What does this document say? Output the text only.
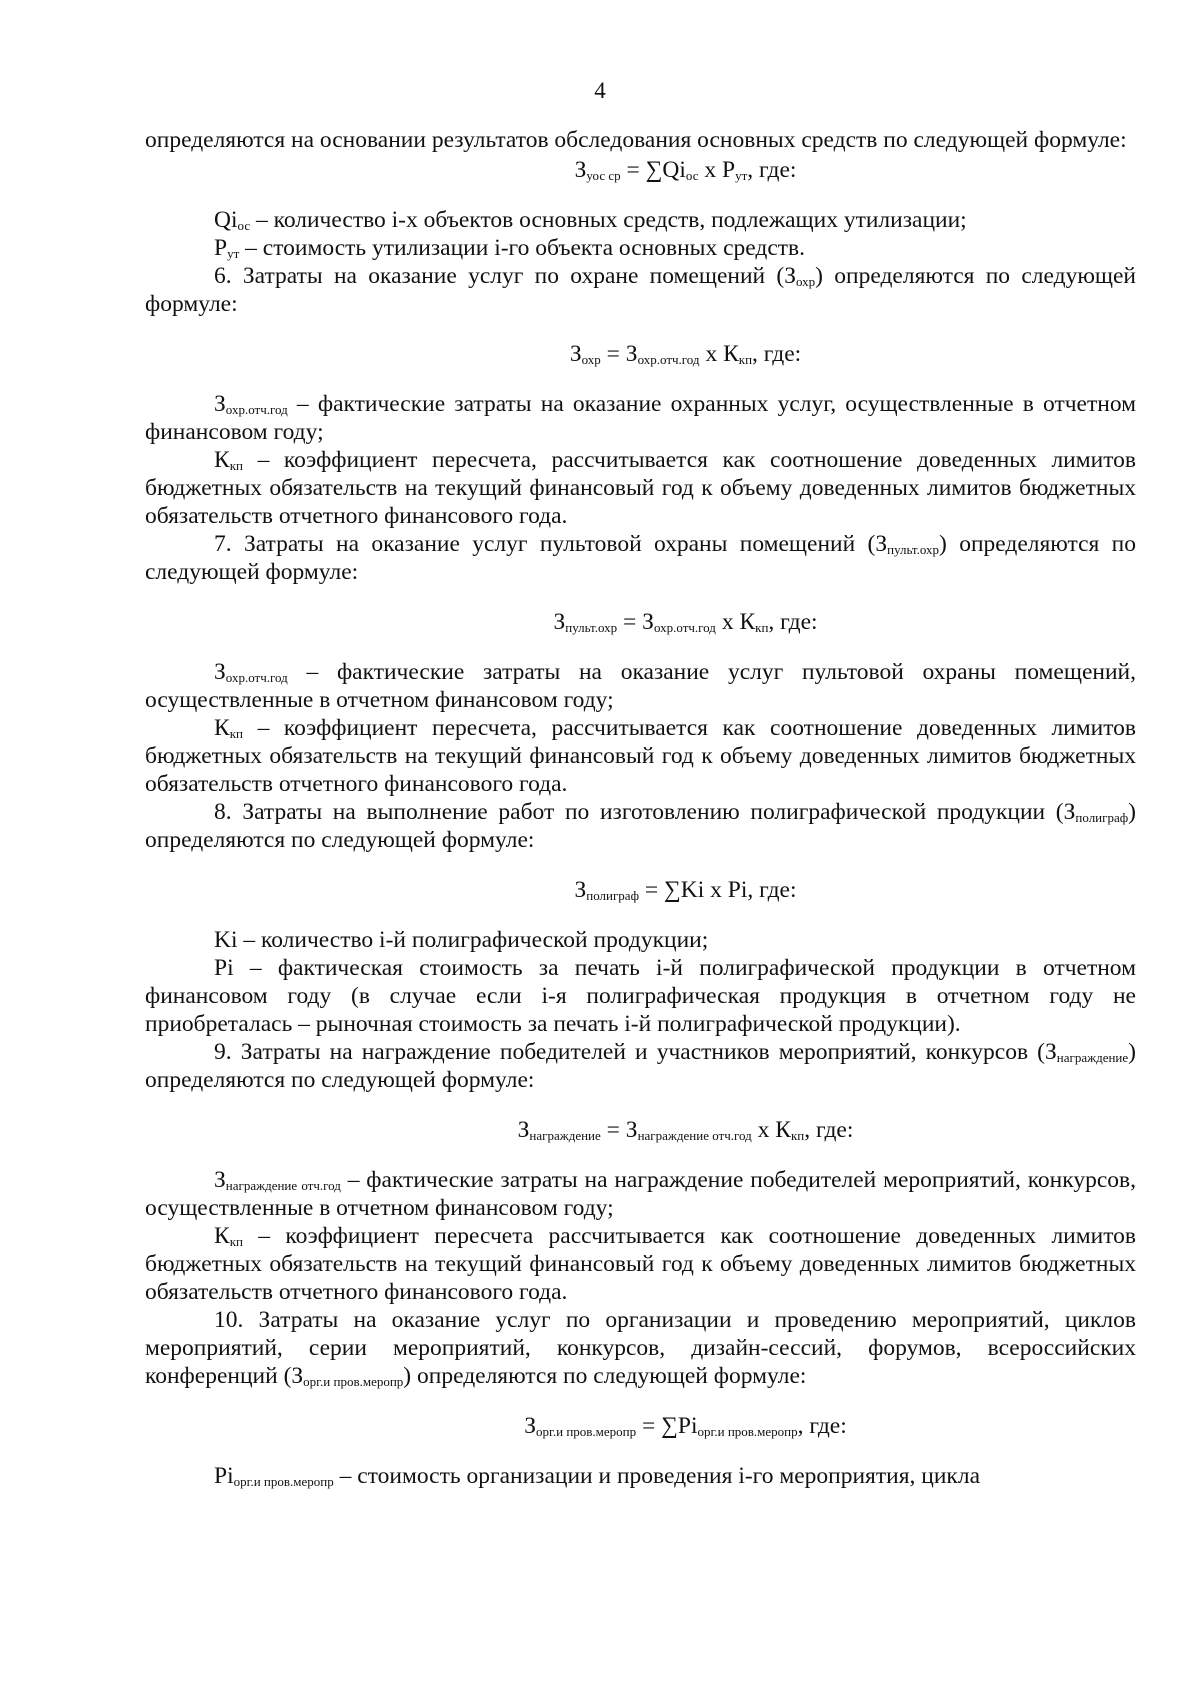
4

определяются на основании результатов обследования основных средств по следующей формуле:

$З_{уос ср} = \sum Qi_{ос}$ х $Р_{ут}$, где:

$Qi_{ос}$ – количество i-х объектов основных средств, подлежащих утилизации;

$Р_{ут}$ – стоимость утилизации i-го объекта основных средств.

6. Затраты на оказание услуг по охране помещений $(З_{охр})$ определяются по следующей формуле:

$З_{охр} = З_{охр.отч.год}$ х $К_{кп}$, где:

$З_{охр.отч.год}$ – фактические затраты на оказание охранных услуг, осуществленные в отчетном финансовом году;

$К_{кп}$ – коэффициент пересчета, рассчитывается как соотношение доведенных лимитов бюджетных обязательств на текущий финансовый год к объему доведенных лимитов бюджетных обязательств отчетного финансового года.

7. Затраты на оказание услуг пультовой охраны помещений $(З_{пульт.охр})$ определяются по следующей формуле:

$З_{пульт.охр} = З_{охр.отч.год}$ х $К_{кп}$, где:

$З_{охр.отч.год}$ – фактические затраты на оказание услуг пультовой охраны помещений, осуществленные в отчетном финансовом году;

$К_{кп}$ – коэффициент пересчета, рассчитывается как соотношение доведенных лимитов бюджетных обязательств на текущий финансовый год к объему доведенных лимитов бюджетных обязательств отчетного финансового года.

8. Затраты на выполнение работ по изготовлению полиграфической продукции $(З_{полиграф})$ определяются по следующей формуле:

$З_{полиграф} = \sum Ki$ х Pi, где:

Ki – количество i-й полиграфической продукции;

Pi – фактическая стоимость за печать i-й полиграфической продукции в отчетном финансовом году (в случае если i-я полиграфическая продукция в отчетном году не приобреталась – рыночная стоимость за печать i-й полиграфической продукции).

9. Затраты на награждение победителей и участников мероприятий, конкурсов $(З_{награждение})$ определяются по следующей формуле:

$З_{награждение} = З_{награждение отч.год}$ х $К_{кп}$, где:

$З_{награждение отч.год}$ – фактические затраты на награждение победителей мероприятий, конкурсов, осуществленные в отчетном финансовом году;

$К_{кп}$ – коэффициент пересчета рассчитывается как соотношение доведенных лимитов бюджетных обязательств на текущий финансовый год к объему доведенных лимитов бюджетных обязательств отчетного финансового года.

10. Затраты на оказание услуг по организации и проведению мероприятий, циклов мероприятий, серии мероприятий, конкурсов, дизайн-сессий, форумов, всероссийских конференций $(З_{орг.и пров.меропр})$ определяются по следующей формуле:

$З_{орг.и пров.меропр} = \sum Pi_{орг.и пров.меропр}$, где:

$Pi_{орг.и пров.меропр}$ – стоимость организации и проведения i-го мероприятия, цикла
